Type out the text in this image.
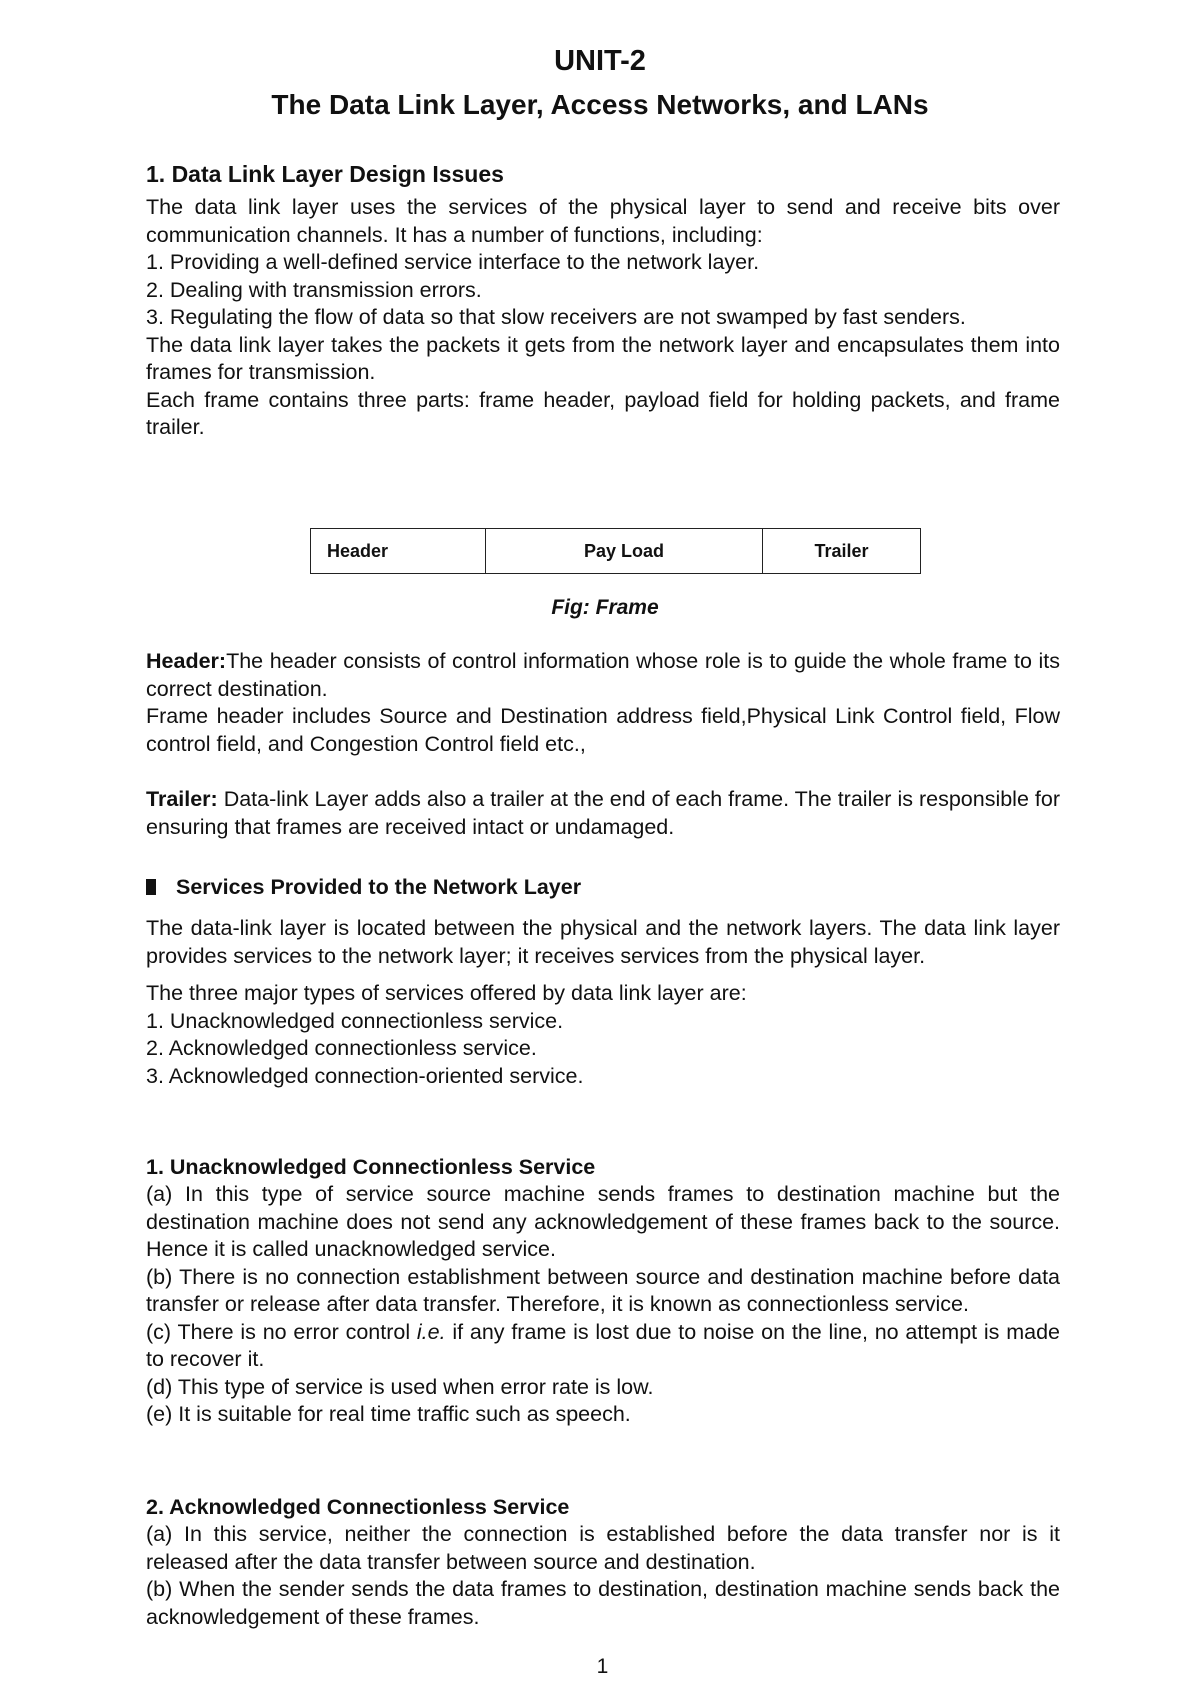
UNIT-2
The Data Link Layer, Access Networks, and LANs

1. Data Link Layer Design Issues

The data link layer uses the services of the physical layer to send and receive bits over communication channels. It has a number of functions, including:

1. Providing a well-defined service interface to the network layer.

2. Dealing with transmission errors.

3. Regulating the flow of data so that slow receivers are not swamped by fast senders.

The data link layer takes the packets it gets from the network layer and encapsulates them into frames for transmission.

Each frame contains three parts: frame header, payload field for holding packets, and frame trailer.

Header	Pay Load	Trailer
Fig: Frame

Header:The header consists of control information whose role is to guide the whole frame to its correct destination.

Frame header includes Source and Destination address field,Physical Link Control field, Flow control field, and Congestion Control field etc.,

Trailer: Data-link Layer adds also a trailer at the end of each frame. The trailer is responsible for ensuring that frames are received intact or undamaged.

Services Provided to the Network Layer

The data-link layer is located between the physical and the network layers. The data link layer provides services to the network layer; it receives services from the physical layer.

The three major types of services offered by data link layer are:

1. Unacknowledged connectionless service.

2. Acknowledged connectionless service.

3. Acknowledged connection-oriented service.

1. Unacknowledged Connectionless Service

(a) In this type of service source machine sends frames to destination machine but the destination machine does not send any acknowledgement of these frames back to the source. Hence it is called unacknowledged service.

(b) There is no connection establishment between source and destination machine before data transfer or release after data transfer. Therefore, it is known as connectionless service.

(c) There is no error control i.e. if any frame is lost due to noise on the line, no attempt is made to recover it.

(d) This type of service is used when error rate is low.

(e) It is suitable for real time traffic such as speech.

2. Acknowledged Connectionless Service

(a) In this service, neither the connection is established before the data transfer nor is it released after the data transfer between source and destination.

(b) When the sender sends the data frames to destination, destination machine sends back the acknowledgement of these frames.

1
